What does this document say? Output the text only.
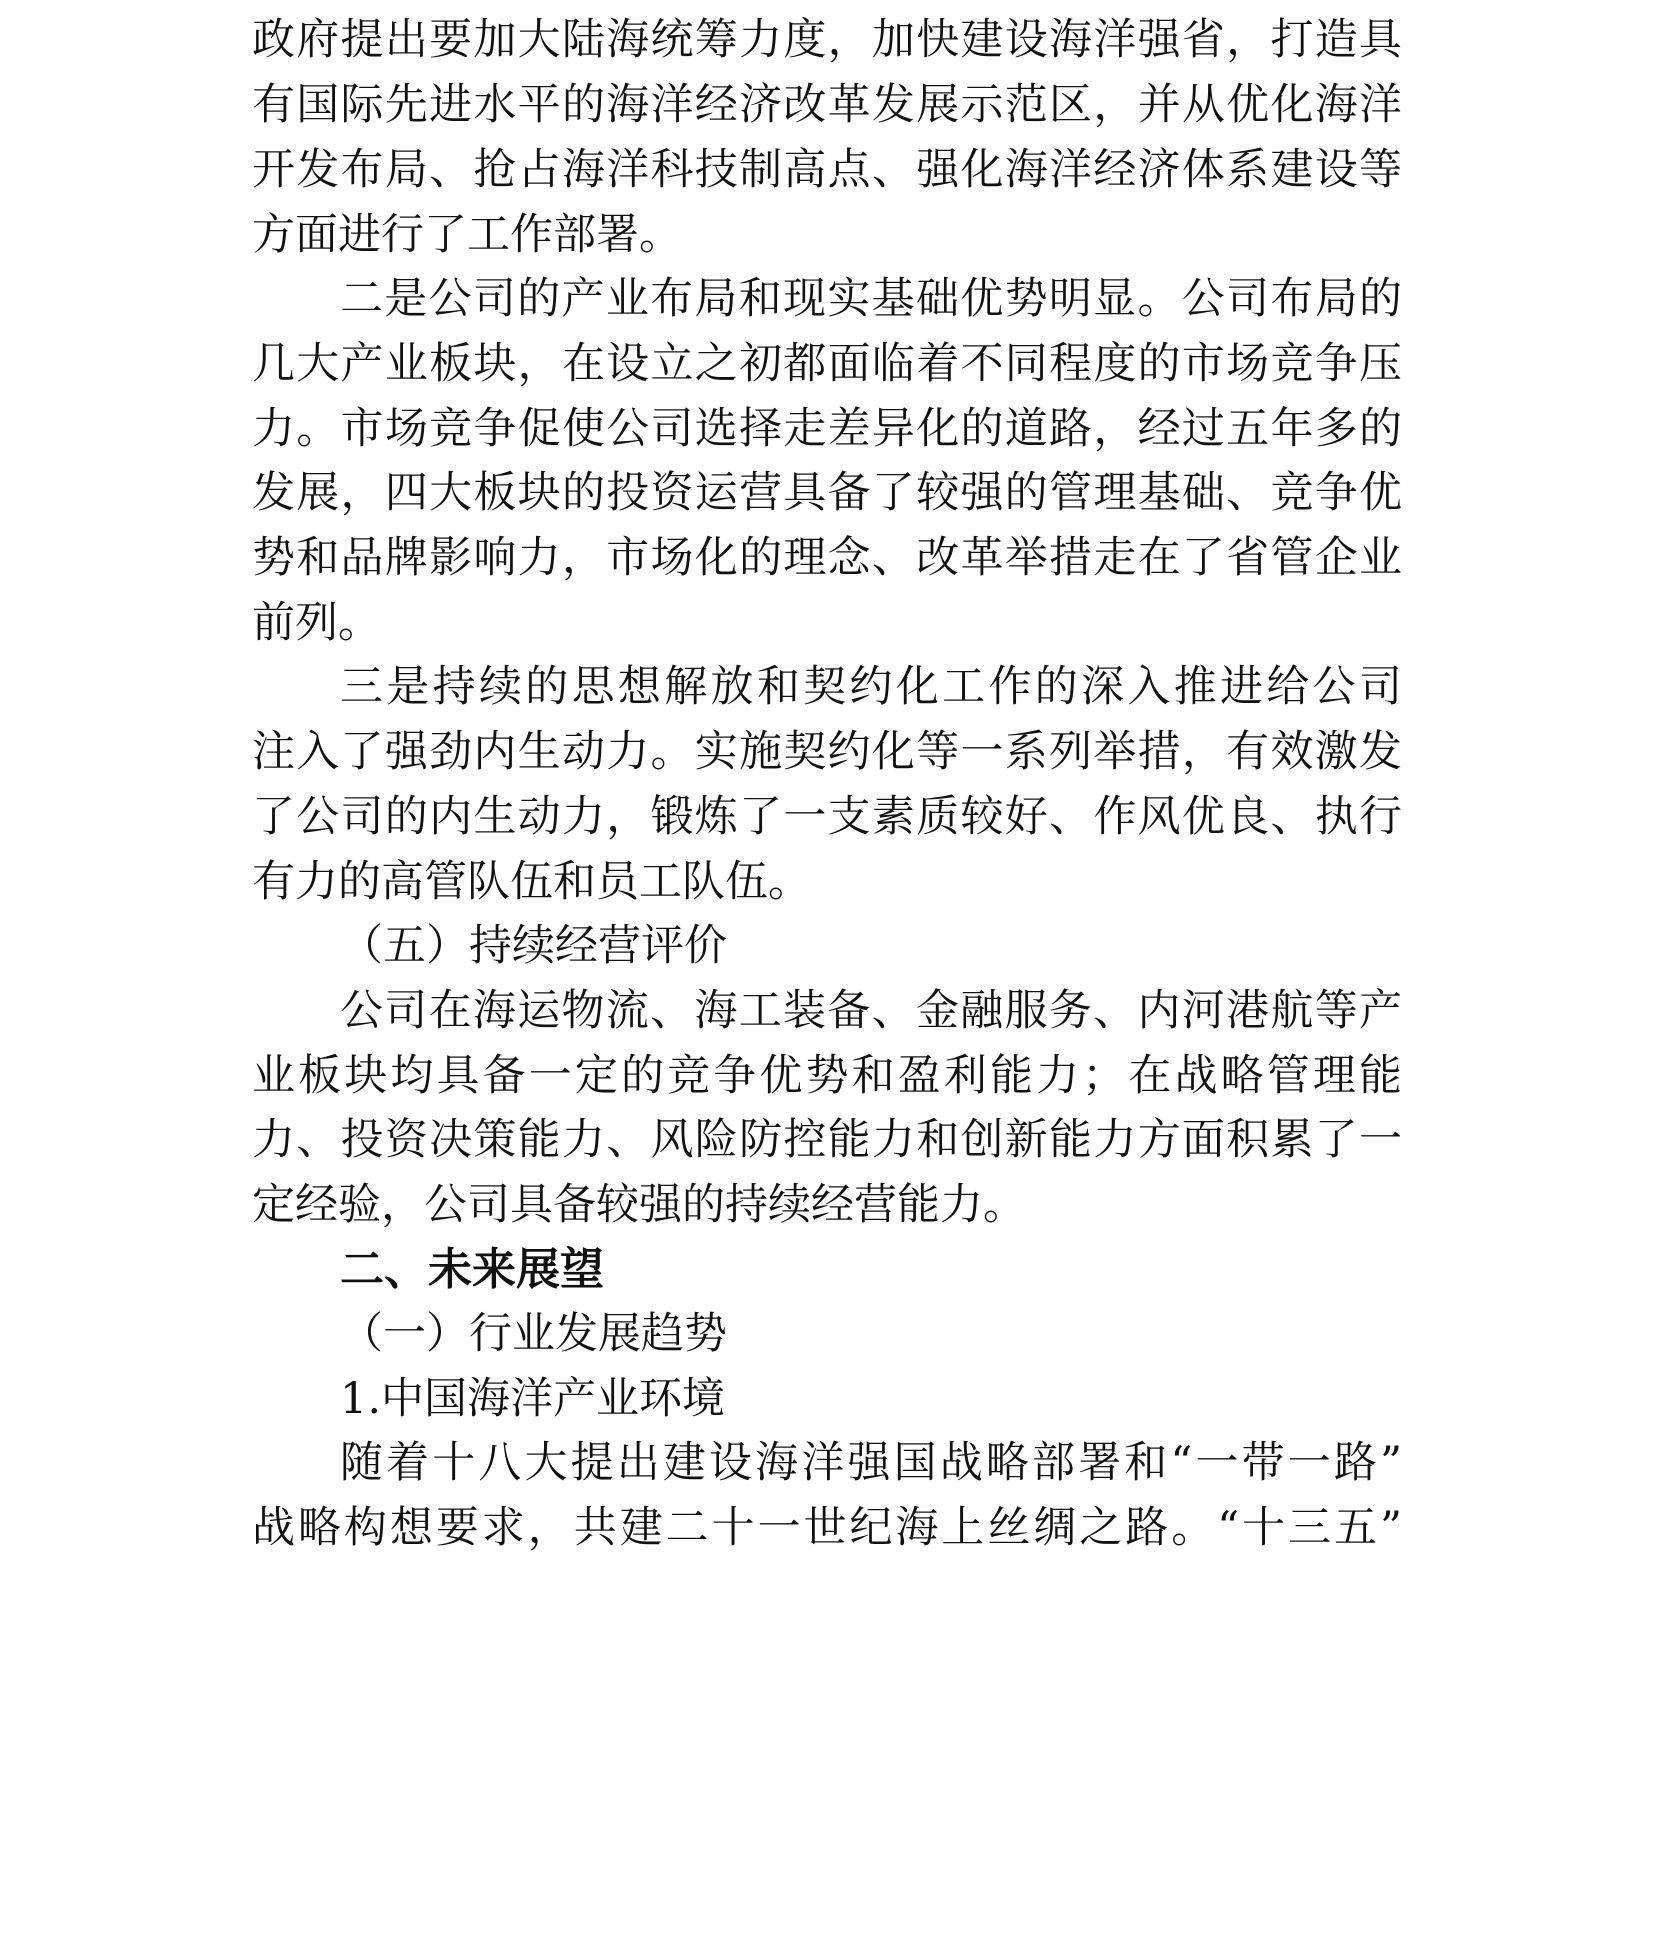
政府提出要加大陆海统筹力度，加快建设海洋强省，打造具
有国际先进水平的海洋经济改革发展示范区，并从优化海洋
开发布局、抢占海洋科技制高点、强化海洋经济体系建设等
方面进行了工作部署。
二是公司的产业布局和现实基础优势明显。公司布局的
几大产业板块，在设立之初都面临着不同程度的市场竞争压
力。市场竞争促使公司选择走差异化的道路，经过五年多的
发展，四大板块的投资运营具备了较强的管理基础、竞争优
势和品牌影响力，市场化的理念、改革举措走在了省管企业
前列。
三是持续的思想解放和契约化工作的深入推进给公司
注入了强劲内生动力。实施契约化等一系列举措，有效激发
了公司的内生动力，锻炼了一支素质较好、作风优良、执行
有力的高管队伍和员工队伍。
（五）持续经营评价
公司在海运物流、海工装备、金融服务、内河港航等产
业板块均具备一定的竞争优势和盈利能力；在战略管理能
力、投资决策能力、风险防控能力和创新能力方面积累了一
定经验，公司具备较强的持续经营能力。
二、未来展望
（一）行业发展趋势
1.中国海洋产业环境
随着十八大提出建设海洋强国战略部署和“一带一路”
战略构想要求，共建二十一世纪海上丝绸之路。“十三五”
